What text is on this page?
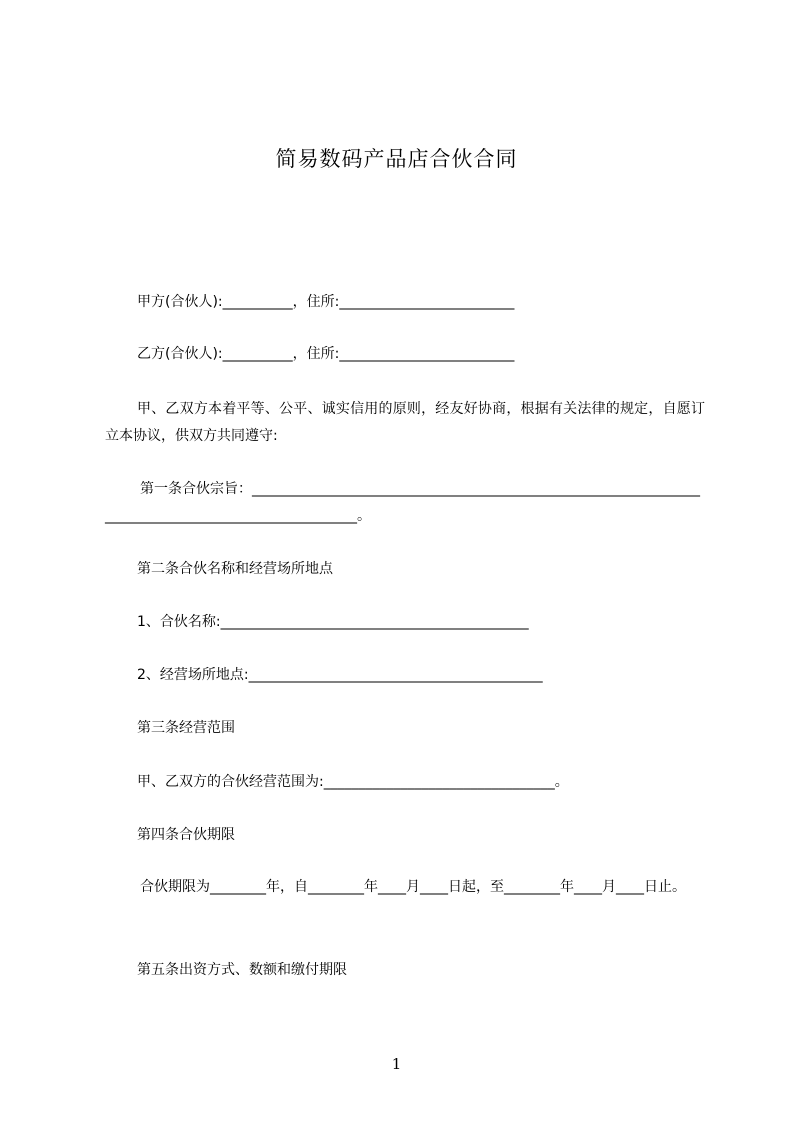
简易数码产品店合伙合同
甲方(合伙人):__________，住所:_________________________
乙方(合伙人):__________，住所:_________________________
甲、乙双方本着平等、公平、诚实信用的原则，经友好协商，根据有关法律的规定，自愿订立本协议，供双方共同遵守:
第一条合伙宗旨：________________________________________________________________
____________________________________。
第二条合伙名称和经营场所地点
1、合伙名称:____________________________________________
2、经营场所地点:__________________________________________
第三条经营范围
甲、乙双方的合伙经营范围为:_________________________________。
第四条合伙期限
合伙期限为________年，自________年____月____日起，至________年____月____日止。
第五条出资方式、数额和缴付期限
1
